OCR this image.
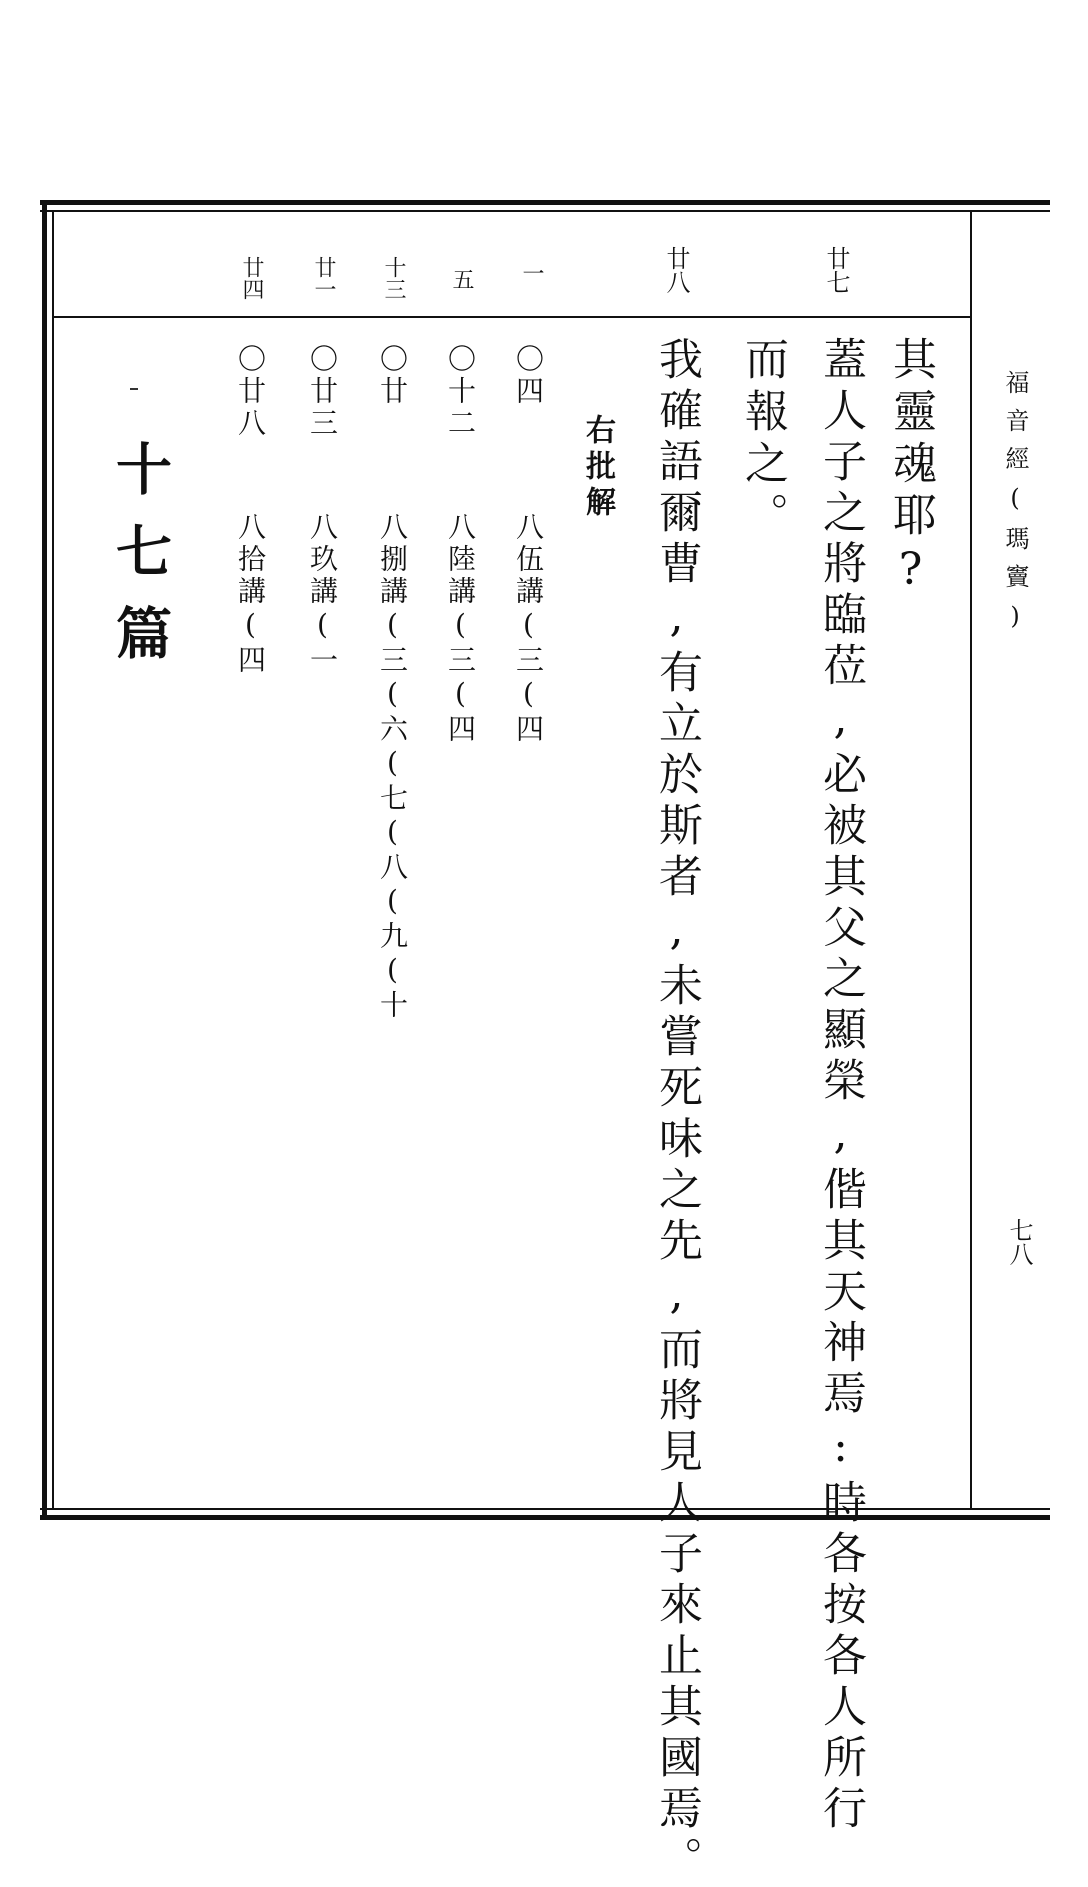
福音經(瑪竇)
七八
其靈魂耶?
廿七
蓋人子之將臨莅,必被其父之顯榮,偕其天神焉:時各按各人所行
而報之。
廿八
我確語爾曹,有立於斯者,未嘗死味之先,而將見人子來止其國焉。
右批解
一
〇四
八伍講(三(四
五
〇十二
八陸講(三(四
十三
〇廿
八捌講(三(六(七(八(九(十
廿一
〇廿三
八玖講(一
廿四
〇廿八
八拾講(四
十七篇
